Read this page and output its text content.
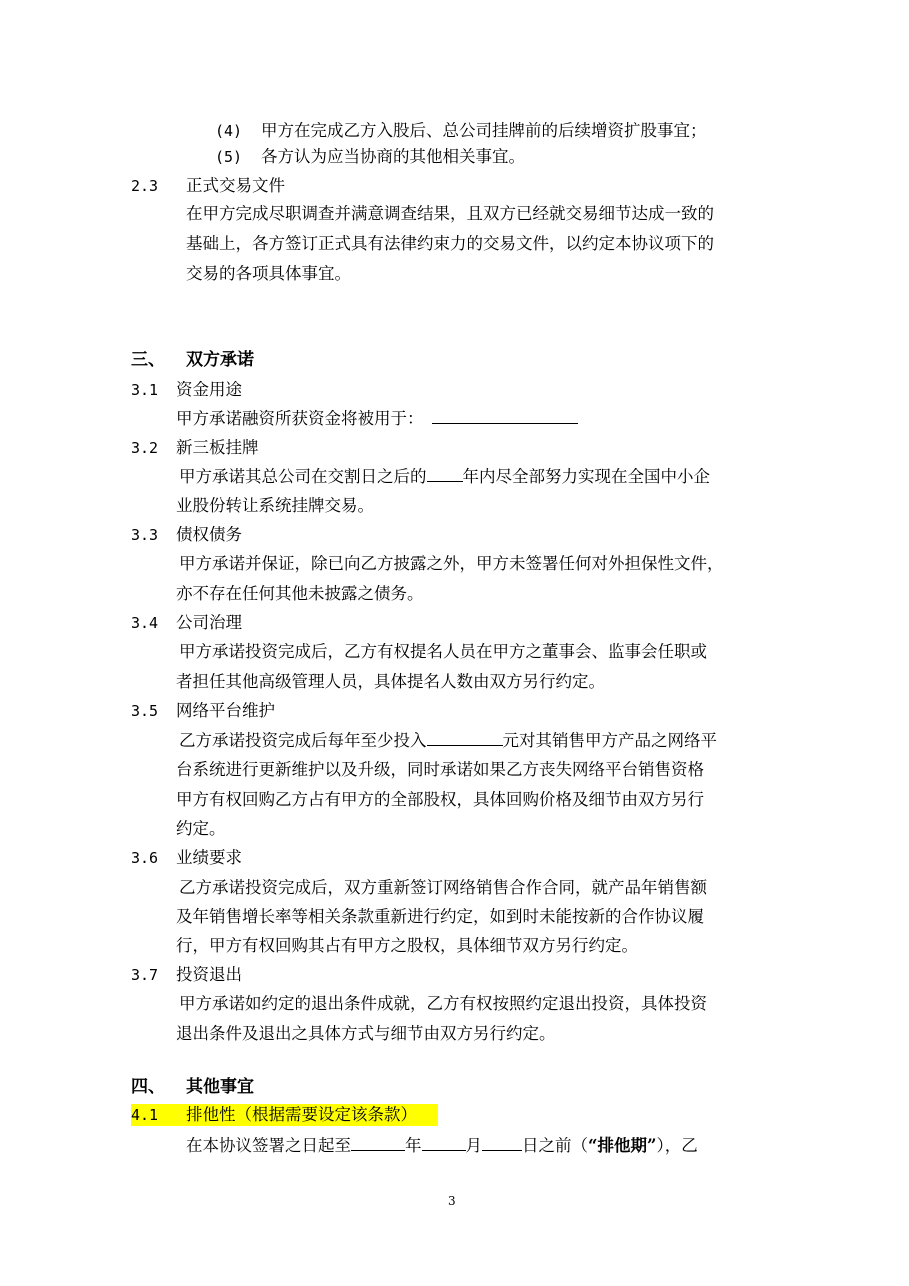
(4) 甲方在完成乙方入股后、总公司挂牌前的后续增资扩股事宜；
(5) 各方认为应当协商的其他相关事宜。
2.3 正式交易文件
在甲方完成尽职调查并满意调查结果，且双方已经就交易细节达成一致的
基础上，各方签订正式具有法律约束力的交易文件，以约定本协议项下的
交易的各项具体事宜。
三、 双方承诺
3.1 资金用途
甲方承诺融资所获资金将被用于：
3.2 新三板挂牌
甲方承诺其总公司在交割日之后的 年内尽全部努力实现在全国中小企
业股份转让系统挂牌交易。
3.3 债权债务
甲方承诺并保证，除已向乙方披露之外，甲方未签署任何对外担保性文件，
亦不存在任何其他未披露之债务。
3.4 公司治理
甲方承诺投资完成后，乙方有权提名人员在甲方之董事会、监事会任职或
者担任其他高级管理人员，具体提名人数由双方另行约定。
3.5 网络平台维护
乙方承诺投资完成后每年至少投入	元对其销售甲方产品之网络平
台系统进行更新维护以及升级，同时承诺如果乙方丧失网络平台销售资格
甲方有权回购乙方占有甲方的全部股权，具体回购价格及细节由双方另行
约定。
3.6 业绩要求
乙方承诺投资完成后，双方重新签订网络销售合作合同，就产品年销售额
及年销售增长率等相关条款重新进行约定，如到时未能按新的合作协议履
行，甲方有权回购其占有甲方之股权，具体细节双方另行约定。
3.7 投资退出
甲方承诺如约定的退出条件成就，乙方有权按照约定退出投资，具体投资
退出条件及退出之具体方式与细节由双方另行约定。
四、 其他事宜
4.1 排他性（根据需要设定该条款）
在本协议签署之日起至	年	月 日之前（“排他期”），乙
3
